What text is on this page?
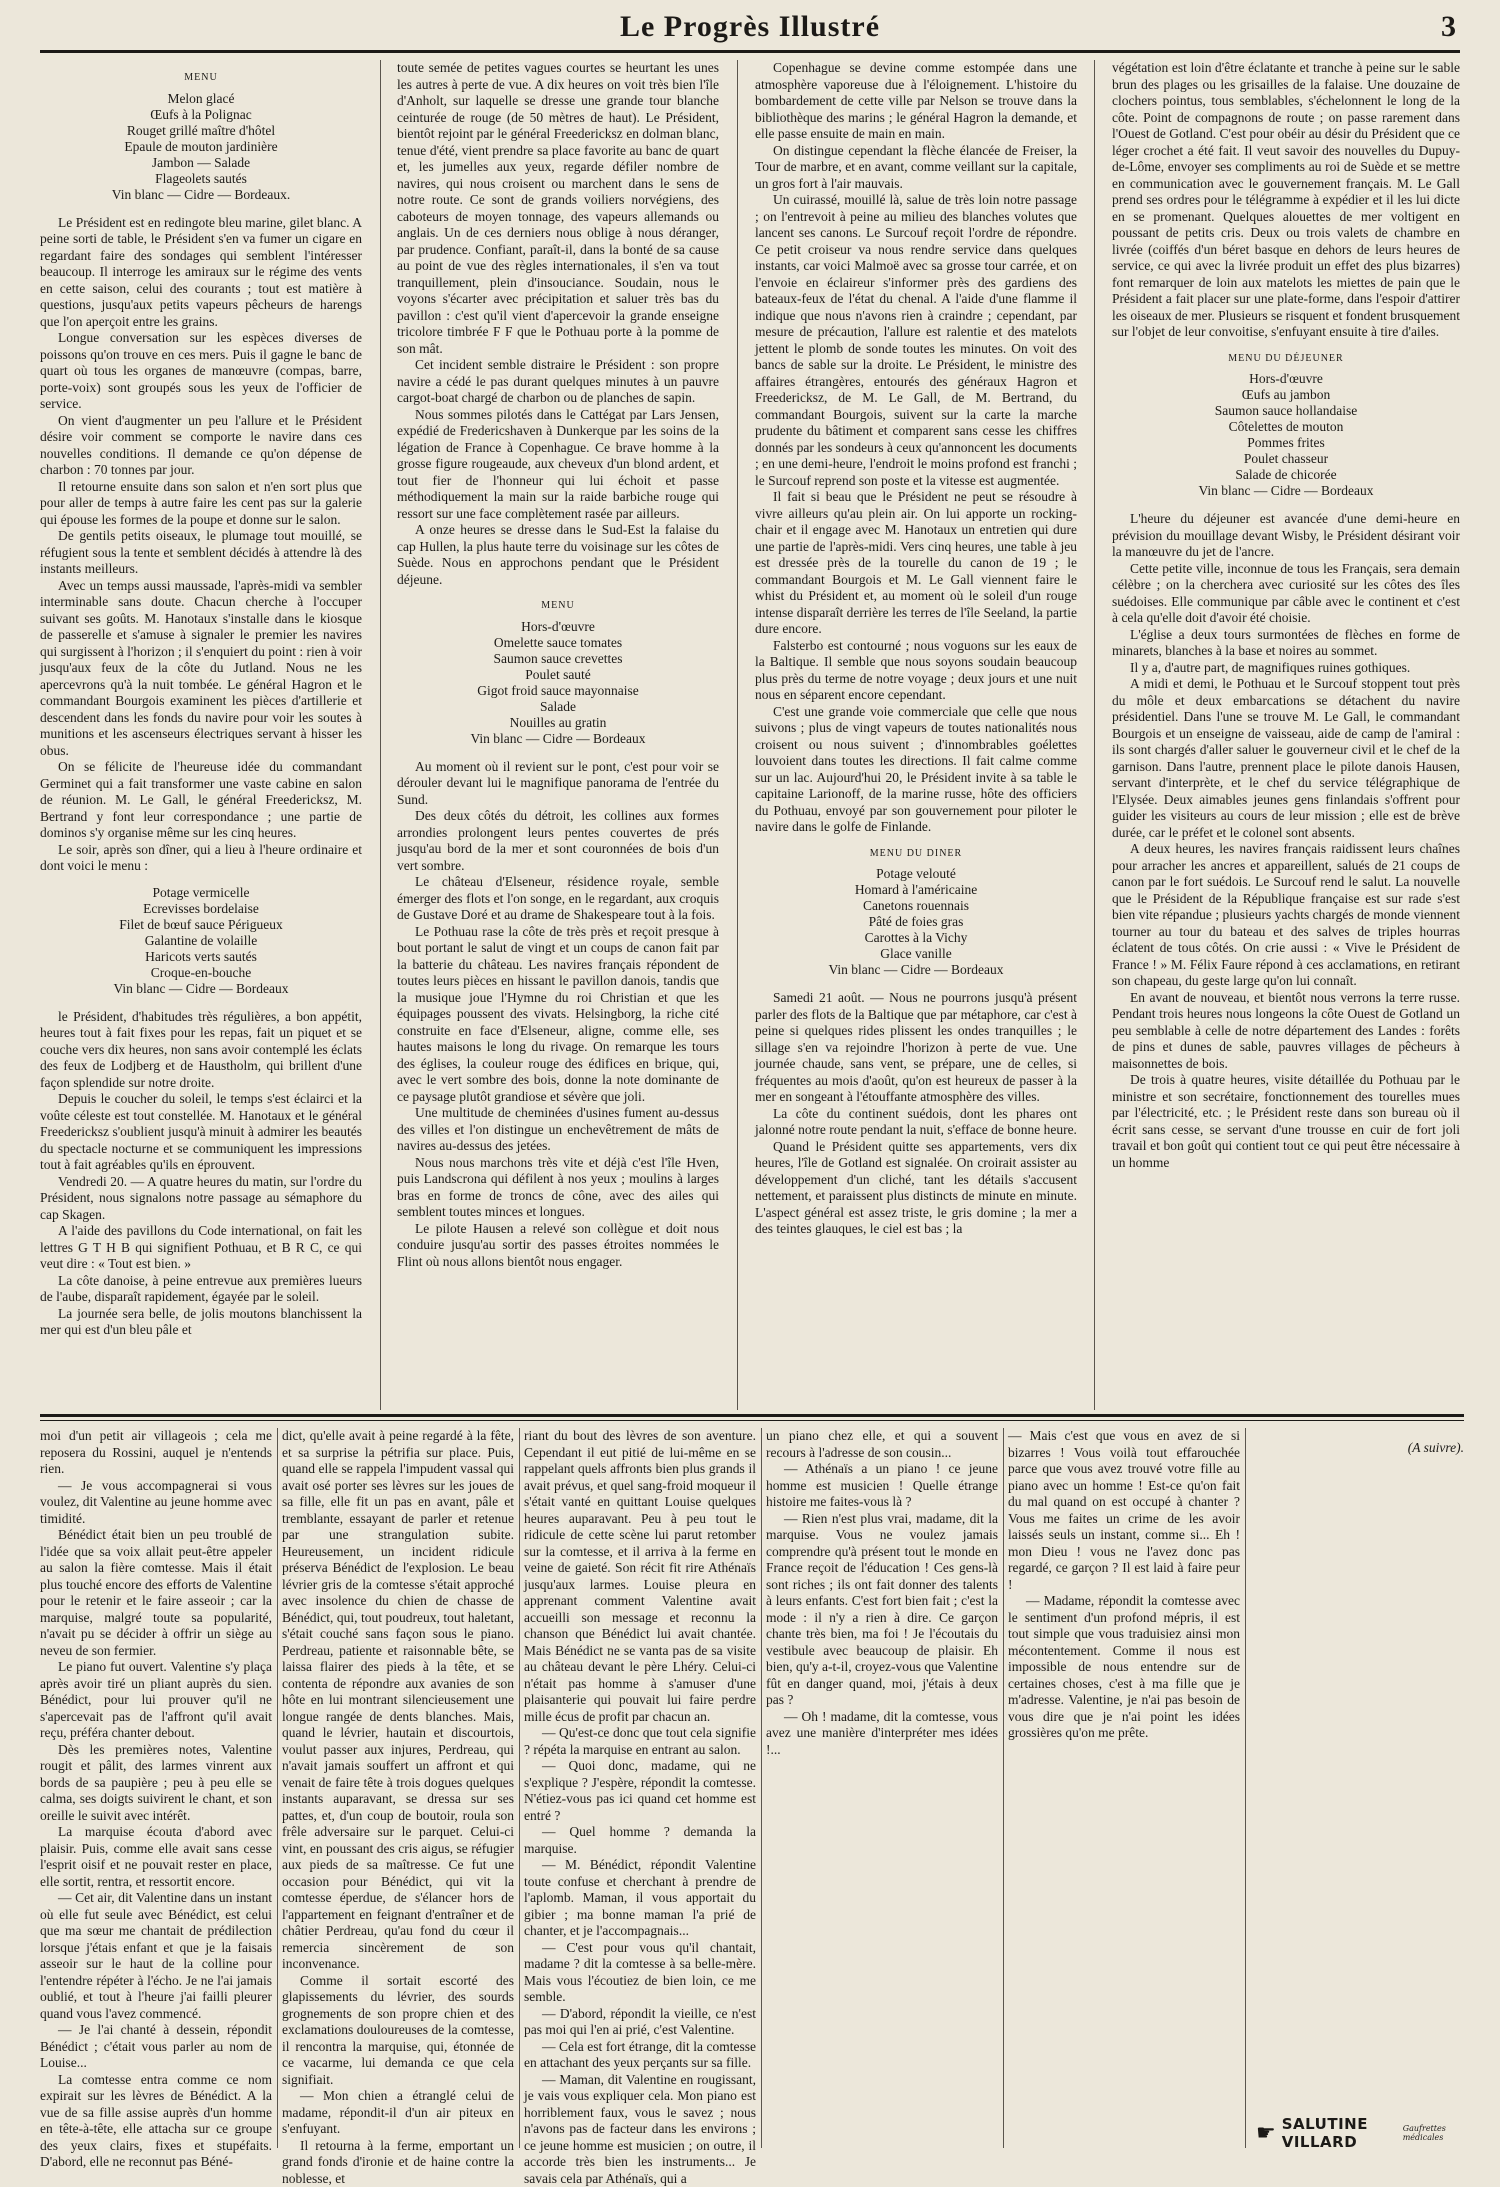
Le Progrès Illustré	3
MENU
Melon glacé
Œufs à la Polignac
Rouget grillé maître d'hôtel
Epaule de mouton jardinière
Jambon — Salade
Flageolets sautés
Vin blanc — Cidre — Bordeaux.

Le Président est en redingote bleu marine, gilet blanc. A peine sorti de table, le Président s'en va fumer un cigare en regardant faire des sondages qui semblent l'intéresser beaucoup. Il interroge les amiraux sur le régime des vents en cette saison, celui des courants ; tout est matière à questions, jusqu'aux petits vapeurs pêcheurs de harengs que l'on aperçoit entre les grains.

Longue conversation sur les espèces diverses de poissons qu'on trouve en ces mers. Puis il gagne le banc de quart où tous les organes de manœuvre (compas, barre, porte-voix) sont groupés sous les yeux de l'officier de service.

On vient d'augmenter un peu l'allure et le Président désire voir comment se comporte le navire dans ces nouvelles conditions. Il demande ce qu'on dépense de charbon : 70 tonnes par jour.

Il retourne ensuite dans son salon et n'en sort plus que pour aller de temps à autre faire les cent pas sur la galerie qui épouse les formes de la poupe et donne sur le salon.

De gentils petits oiseaux, le plumage tout mouillé, se réfugient sous la tente et semblent décidés à attendre là des instants meilleurs.

Avec un temps aussi maussade, l'après-midi va sembler interminable sans doute. Chacun cherche à l'occuper suivant ses goûts. M. Hanotaux s'installe dans le kiosque de passerelle et s'amuse à signaler le premier les navires qui surgissent à l'horizon ; il s'enquiert du point : rien à voir jusqu'aux feux de la côte du Jutland. Nous ne les apercevrons qu'à la nuit tombée. Le général Hagron et le commandant Bourgois examinent les pièces d'artillerie et descendent dans les fonds du navire pour voir les soutes à munitions et les ascenseurs électriques servant à hisser les obus.

On se félicite de l'heureuse idée du commandant Germinet qui a fait transformer une vaste cabine en salon de réunion. M. Le Gall, le général Freedericksz, M. Bertrand y font leur correspondance ; une partie de dominos s'y organise même sur les cinq heures.

Le soir, après son dîner, qui a lieu à l'heure ordinaire et dont voici le menu :

Potage vermicelle
Ecrevisses bordelaise
Filet de bœuf sauce Périgueux
Galantine de volaille
Haricots verts sautés
Croque-en-bouche
Vin blanc — Cidre — Bordeaux

le Président, d'habitudes très régulières, a bon appétit, heures tout à fait fixes pour les repas, fait un piquet et se couche vers dix heures, non sans avoir contemplé les éclats des feux de Lodjberg et de Haustholm, qui brillent d'une façon splendide sur notre droite.

Depuis le coucher du soleil, le temps s'est éclairci et la voûte céleste est tout constellée. M. Hanotaux et le général Freedericksz s'oublient jusqu'à minuit à admirer les beautés du spectacle nocturne et se communiquent les impressions tout à fait agréables qu'ils en éprouvent.

Vendredi 20. — A quatre heures du matin, sur l'ordre du Président, nous signalons notre passage au sémaphore du cap Skagen.

A l'aide des pavillons du Code international, on fait les lettres G T H B qui signifient Pothuau, et B R C, ce qui veut dire : « Tout est bien. »

La côte danoise, à peine entrevue aux premières lueurs de l'aube, disparaît rapidement, égayée par le soleil.

La journée sera belle, de jolis moutons blanchissent la mer qui est d'un bleu pâle et

toute semée de petites vagues courtes se heurtant les unes les autres à perte de vue. A dix heures on voit très bien l'île d'Anholt, sur laquelle se dresse une grande tour blanche ceinturée de rouge (de 50 mètres de haut). Le Président, bientôt rejoint par le général Freedericksz en dolman blanc, tenue d'été, vient prendre sa place favorite au banc de quart et, les jumelles aux yeux, regarde défiler nombre de navires, qui nous croisent ou marchent dans le sens de notre route. Ce sont de grands voiliers norvégiens, des caboteurs de moyen tonnage, des vapeurs allemands ou anglais. Un de ces derniers nous oblige à nous déranger, par prudence. Confiant, paraît-il, dans la bonté de sa cause au point de vue des règles internationales, il s'en va tout tranquillement, plein d'insouciance. Soudain, nous le voyons s'écarter avec précipitation et saluer très bas du pavillon : c'est qu'il vient d'apercevoir la grande enseigne tricolore timbrée F F que le Pothuau porte à la pomme de son mât.

Cet incident semble distraire le Président : son propre navire a cédé le pas durant quelques minutes à un pauvre cargot-boat chargé de charbon ou de planches de sapin.

Nous sommes pilotés dans le Cattégat par Lars Jensen, expédié de Fredericshaven à Dunkerque par les soins de la légation de France à Copenhague. Ce brave homme à la grosse figure rougeaude, aux cheveux d'un blond ardent, et tout fier de l'honneur qui lui échoit et passe méthodiquement la main sur la raide barbiche rouge qui ressort sur une face complètement rasée par ailleurs.

A onze heures se dresse dans le Sud-Est la falaise du cap Hullen, la plus haute terre du voisinage sur les côtes de Suède. Nous en approchons pendant que le Président déjeune.

MENU
Hors-d'œuvre
Omelette sauce tomates
Saumon sauce crevettes
Poulet sauté
Gigot froid sauce mayonnaise
Salade
Nouilles au gratin
Vin blanc — Cidre — Bordeaux

Au moment où il revient sur le pont, c'est pour voir se dérouler devant lui le magnifique panorama de l'entrée du Sund.

Des deux côtés du détroit, les collines aux formes arrondies prolongent leurs pentes couvertes de prés jusqu'au bord de la mer et sont couronnées de bois d'un vert sombre.

Le château d'Elseneur, résidence royale, semble émerger des flots et l'on songe, en le regardant, aux croquis de Gustave Doré et au drame de Shakespeare tout à la fois.

Le Pothuau rase la côte de très près et reçoit presque à bout portant le salut de vingt et un coups de canon fait par la batterie du château. Les navires français répondent de toutes leurs pièces en hissant le pavillon danois, tandis que la musique joue l'Hymne du roi Christian et que les équipages poussent des vivats. Helsingborg, la riche cité construite en face d'Elseneur, aligne, comme elle, ses hautes maisons le long du rivage. On remarque les tours des églises, la couleur rouge des édifices en brique, qui, avec le vert sombre des bois, donne la note dominante de ce paysage plutôt grandiose et sévère que joli.

Une multitude de cheminées d'usines fument au-dessus des villes et l'on distingue un enchevêtrement de mâts de navires au-dessus des jetées.

Nous nous marchons très vite et déjà c'est l'île Hven, puis Landscrona qui défilent à nos yeux ; moulins à larges bras en forme de troncs de cône, avec des ailes qui semblent toutes minces et longues.

Le pilote Hausen a relevé son collègue et doit nous conduire jusqu'au sortir des passes étroites nommées le Flint où nous allons bientôt nous engager.

Copenhague se devine comme estompée dans une atmosphère vaporeuse due à l'éloignement. L'histoire du bombardement de cette ville par Nelson se trouve dans la bibliothèque des marins ; le général Hagron la demande, et elle passe ensuite de main en main.

On distingue cependant la flèche élancée de Freiser, la Tour de marbre, et en avant, comme veillant sur la capitale, un gros fort à l'air mauvais.

Un cuirassé, mouillé là, salue de très loin notre passage ; on l'entrevoit à peine au milieu des blanches volutes que lancent ses canons. Le Surcouf reçoit l'ordre de répondre. Ce petit croiseur va nous rendre service dans quelques instants, car voici Malmoë avec sa grosse tour carrée, et on l'envoie en éclaireur s'informer près des gardiens des bateaux-feux de l'état du chenal. A l'aide d'une flamme il indique que nous n'avons rien à craindre ; cependant, par mesure de précaution, l'allure est ralentie et des matelots jettent le plomb de sonde toutes les minutes. On voit des bancs de sable sur la droite. Le Président, le ministre des affaires étrangères, entourés des généraux Hagron et Freedericksz, de M. Le Gall, de M. Bertrand, du commandant Bourgois, suivent sur la carte la marche prudente du bâtiment et comparent sans cesse les chiffres donnés par les sondeurs à ceux qu'annoncent les documents ; en une demi-heure, l'endroit le moins profond est franchi ; le Surcouf reprend son poste et la vitesse est augmentée.

Il fait si beau que le Président ne peut se résoudre à vivre ailleurs qu'au plein air. On lui apporte un rocking-chair et il engage avec M. Hanotaux un entretien qui dure une partie de l'après-midi. Vers cinq heures, une table à jeu est dressée près de la tourelle du canon de 19 ; le commandant Bourgois et M. Le Gall viennent faire le whist du Président et, au moment où le soleil d'un rouge intense disparaît derrière les terres de l'île Seeland, la partie dure encore.

Falsterbo est contourné ; nous voguons sur les eaux de la Baltique. Il semble que nous soyons soudain beaucoup plus près du terme de notre voyage ; deux jours et une nuit nous en séparent encore cependant.

C'est une grande voie commerciale que celle que nous suivons ; plus de vingt vapeurs de toutes nationalités nous croisent ou nous suivent ; d'innombrables goélettes louvoient dans toutes les directions. Il fait calme comme sur un lac. Aujourd'hui 20, le Président invite à sa table le capitaine Larionoff, de la marine russe, hôte des officiers du Pothuau, envoyé par son gouvernement pour piloter le navire dans le golfe de Finlande.

MENU DU DINER
Potage velouté
Homard à l'américaine
Canetons rouennais
Pâté de foies gras
Carottes à la Vichy
Glace vanille
Vin blanc — Cidre — Bordeaux

Samedi 21 août. — Nous ne pourrons jusqu'à présent parler des flots de la Baltique que par métaphore, car c'est à peine si quelques rides plissent les ondes tranquilles ; le sillage s'en va rejoindre l'horizon à perte de vue. Une journée chaude, sans vent, se prépare, une de celles, si fréquentes au mois d'août, qu'on est heureux de passer à la mer en songeant à l'étouffante atmosphère des villes.

La côte du continent suédois, dont les phares ont jalonné notre route pendant la nuit, s'efface de bonne heure.

Quand le Président quitte ses appartements, vers dix heures, l'île de Gotland est signalée. On croirait assister au développement d'un cliché, tant les détails s'accusent nettement, et paraissent plus distincts de minute en minute. L'aspect général est assez triste, le gris domine ; la mer a des teintes glauques, le ciel est bas ; la

végétation est loin d'être éclatante et tranche à peine sur le sable brun des plages ou les grisailles de la falaise. Une douzaine de clochers pointus, tous semblables, s'échelonnent le long de la côte. Point de compagnons de route ; on passe rarement dans l'Ouest de Gotland. C'est pour obéir au désir du Président que ce léger crochet a été fait. Il veut savoir des nouvelles du Dupuy-de-Lôme, envoyer ses compliments au roi de Suède et se mettre en communication avec le gouvernement français. M. Le Gall prend ses ordres pour le télégramme à expédier et il les lui dicte en se promenant. Quelques alouettes de mer voltigent en poussant de petits cris. Deux ou trois valets de chambre en livrée (coiffés d'un béret basque en dehors de leurs heures de service, ce qui avec la livrée produit un effet des plus bizarres) font remarquer de loin aux matelots les miettes de pain que le Président a fait placer sur une plate-forme, dans l'espoir d'attirer les oiseaux de mer. Plusieurs se risquent et fondent brusquement sur l'objet de leur convoitise, s'enfuyant ensuite à tire d'ailes.

MENU DU DÉJEUNER
Hors-d'œuvre
Œufs au jambon
Saumon sauce hollandaise
Côtelettes de mouton
Pommes frites
Poulet chasseur
Salade de chicorée
Vin blanc — Cidre — Bordeaux

L'heure du déjeuner est avancée d'une demi-heure en prévision du mouillage devant Wisby, le Président désirant voir la manœuvre du jet de l'ancre.

Cette petite ville, inconnue de tous les Français, sera demain célèbre ; on la cherchera avec curiosité sur les côtes des îles suédoises. Elle communique par câble avec le continent et c'est à cela qu'elle doit d'avoir été choisie.

L'église a deux tours surmontées de flèches en forme de minarets, blanches à la base et noires au sommet.

Il y a, d'autre part, de magnifiques ruines gothiques.

A midi et demi, le Pothuau et le Surcouf stoppent tout près du môle et deux embarcations se détachent du navire présidentiel. Dans l'une se trouve M. Le Gall, le commandant Bourgois et un enseigne de vaisseau, aide de camp de l'amiral : ils sont chargés d'aller saluer le gouverneur civil et le chef de la garnison. Dans l'autre, prennent place le pilote danois Hausen, servant d'interprète, et le chef du service télégraphique de l'Elysée. Deux aimables jeunes gens finlandais s'offrent pour guider les visiteurs au cours de leur mission ; elle est de brève durée, car le préfet et le colonel sont absents.

A deux heures, les navires français raidissent leurs chaînes pour arracher les ancres et appareillent, salués de 21 coups de canon par le fort suédois. Le Surcouf rend le salut. La nouvelle que le Président de la République française est sur rade s'est bien vite répandue ; plusieurs yachts chargés de monde viennent tourner au tour du bateau et des salves de triples hourras éclatent de tous côtés. On crie aussi : « Vive le Président de France ! » M. Félix Faure répond à ces acclamations, en retirant son chapeau, du geste large qu'on lui connaît.

En avant de nouveau, et bientôt nous verrons la terre russe. Pendant trois heures nous longeons la côte Ouest de Gotland un peu semblable à celle de notre département des Landes : forêts de pins et dunes de sable, pauvres villages de pêcheurs à maisonnettes de bois.

De trois à quatre heures, visite détaillée du Pothuau par le ministre et son secrétaire, fonctionnement des tourelles mues par l'électricité, etc. ; le Président reste dans son bureau où il écrit sans cesse, se servant d'une trousse en cuir de fort joli travail et bon goût qui contient tout ce qui peut être nécessaire à un homme

moi d'un petit air villageois ; cela me reposera du Rossini, auquel je n'entends rien.

— Je vous accompagnerai si vous voulez, dit Valentine au jeune homme avec timidité.

Bénédict était bien un peu troublé de l'idée que sa voix allait peut-être appeler au salon la fière comtesse. Mais il était plus touché encore des efforts de Valentine pour le retenir et le faire asseoir ; car la marquise, malgré toute sa popularité, n'avait pu se décider à offrir un siège au neveu de son fermier.

Le piano fut ouvert. Valentine s'y plaça après avoir tiré un pliant auprès du sien. Bénédict, pour lui prouver qu'il ne s'apercevait pas de l'affront qu'il avait reçu, préféra chanter debout.

Dès les premières notes, Valentine rougit et pâlit, des larmes vinrent aux bords de sa paupière ; peu à peu elle se calma, ses doigts suivirent le chant, et son oreille le suivit avec intérêt.

La marquise écouta d'abord avec plaisir. Puis, comme elle avait sans cesse l'esprit oisif et ne pouvait rester en place, elle sortit, rentra, et ressortit encore.

— Cet air, dit Valentine dans un instant où elle fut seule avec Bénédict, est celui que ma sœur me chantait de prédilection lorsque j'étais enfant et que je la faisais asseoir sur le haut de la colline pour l'entendre répéter à l'écho. Je ne l'ai jamais oublié, et tout à l'heure j'ai failli pleurer quand vous l'avez commencé.

— Je l'ai chanté à dessein, répondit Bénédict ; c'était vous parler au nom de Louise...

La comtesse entra comme ce nom expirait sur les lèvres de Bénédict. A la vue de sa fille assise auprès d'un homme en tête-à-tête, elle attacha sur ce groupe des yeux clairs, fixes et stupéfaits. D'abord, elle ne reconnut pas Béné-

dict, qu'elle avait à peine regardé à la fête, et sa surprise la pétrifia sur place. Puis, quand elle se rappela l'impudent vassal qui avait osé porter ses lèvres sur les joues de sa fille, elle fit un pas en avant, pâle et tremblante, essayant de parler et retenue par une strangulation subite. Heureusement, un incident ridicule préserva Bénédict de l'explosion. Le beau lévrier gris de la comtesse s'était approché avec insolence du chien de chasse de Bénédict, qui, tout poudreux, tout haletant, s'était couché sans façon sous le piano. Perdreau, patiente et raisonnable bête, se laissa flairer des pieds à la tête, et se contenta de répondre aux avanies de son hôte en lui montrant silencieusement une longue rangée de dents blanches. Mais, quand le lévrier, hautain et discourtois, voulut passer aux injures, Perdreau, qui n'avait jamais souffert un affront et qui venait de faire tête à trois dogues quelques instants auparavant, se dressa sur ses pattes, et, d'un coup de boutoir, roula son frêle adversaire sur le parquet. Celui-ci vint, en poussant des cris aigus, se réfugier aux pieds de sa maîtresse. Ce fut une occasion pour Bénédict, qui vit la comtesse éperdue, de s'élancer hors de l'appartement en feignant d'entraîner et de châtier Perdreau, qu'au fond du cœur il remercia sincèrement de son inconvenance.

Comme il sortait escorté des glapissements du lévrier, des sourds grognements de son propre chien et des exclamations douloureuses de la comtesse, il rencontra la marquise, qui, étonnée de ce vacarme, lui demanda ce que cela signifiait.

— Mon chien a étranglé celui de madame, répondit-il d'un air piteux en s'enfuyant.

Il retourna à la ferme, emportant un grand fonds d'ironie et de haine contre la noblesse, et

riant du bout des lèvres de son aventure. Cependant il eut pitié de lui-même en se rappelant quels affronts bien plus grands il avait prévus, et quel sang-froid moqueur il s'était vanté en quittant Louise quelques heures auparavant. Peu à peu tout le ridicule de cette scène lui parut retomber sur la comtesse, et il arriva à la ferme en veine de gaieté. Son récit fit rire Athénaïs jusqu'aux larmes. Louise pleura en apprenant comment Valentine avait accueilli son message et reconnu la chanson que Bénédict lui avait chantée. Mais Bénédict ne se vanta pas de sa visite au château devant le père Lhéry. Celui-ci n'était pas homme à s'amuser d'une plaisanterie qui pouvait lui faire perdre mille écus de profit par chacun an.

— Qu'est-ce donc que tout cela signifie ? répéta la marquise en entrant au salon.

— Quoi donc, madame, qui ne s'explique ? J'espère, répondit la comtesse. N'étiez-vous pas ici quand cet homme est entré ?

— Quel homme ? demanda la marquise.

— M. Bénédict, répondit Valentine toute confuse et cherchant à prendre de l'aplomb. Maman, il vous apportait du gibier ; ma bonne maman l'a prié de chanter, et je l'accompagnais...

— C'est pour vous qu'il chantait, madame ? dit la comtesse à sa belle-mère. Mais vous l'écoutiez de bien loin, ce me semble.

— D'abord, répondit la vieille, ce n'est pas moi qui l'en ai prié, c'est Valentine.

— Cela est fort étrange, dit la comtesse en attachant des yeux perçants sur sa fille.

— Maman, dit Valentine en rougissant, je vais vous expliquer cela. Mon piano est horriblement faux, vous le savez ; nous n'avons pas de facteur dans les environs ; ce jeune homme est musicien ; on outre, il accorde très bien les instruments... Je savais cela par Athénaïs, qui a

un piano chez elle, et qui a souvent recours à l'adresse de son cousin...

— Athénaïs a un piano ! ce jeune homme est musicien ! Quelle étrange histoire me faites-vous là ?

— Rien n'est plus vrai, madame, dit la marquise. Vous ne voulez jamais comprendre qu'à présent tout le monde en France reçoit de l'éducation ! Ces gens-là sont riches ; ils ont fait donner des talents à leurs enfants. C'est fort bien fait ; c'est la mode : il n'y a rien à dire. Ce garçon chante très bien, ma foi ! Je l'écoutais du vestibule avec beaucoup de plaisir. Eh bien, qu'y a-t-il, croyez-vous que Valentine fût en danger quand, moi, j'étais à deux pas ?

— Oh ! madame, dit la comtesse, vous avez une manière d'interpréter mes idées !...

— Mais c'est que vous en avez de si bizarres ! Vous voilà tout effarouchée parce que vous avez trouvé votre fille au piano avec un homme ! Est-ce qu'on fait du mal quand on est occupé à chanter ? Vous me faites un crime de les avoir laissés seuls un instant, comme si... Eh ! mon Dieu ! vous ne l'avez donc pas regardé, ce garçon ? Il est laid à faire peur !

— Madame, répondit la comtesse avec le sentiment d'un profond mépris, il est tout simple que vous traduisiez ainsi mon mécontentement. Comme il nous est impossible de nous entendre sur de certaines choses, c'est à ma fille que je m'adresse. Valentine, je n'ai pas besoin de vous dire que je n'ai point les idées grossières qu'on me prête.

(A suivre).
☛ SALUTINE VILLARD
Gaufrettes médicales
